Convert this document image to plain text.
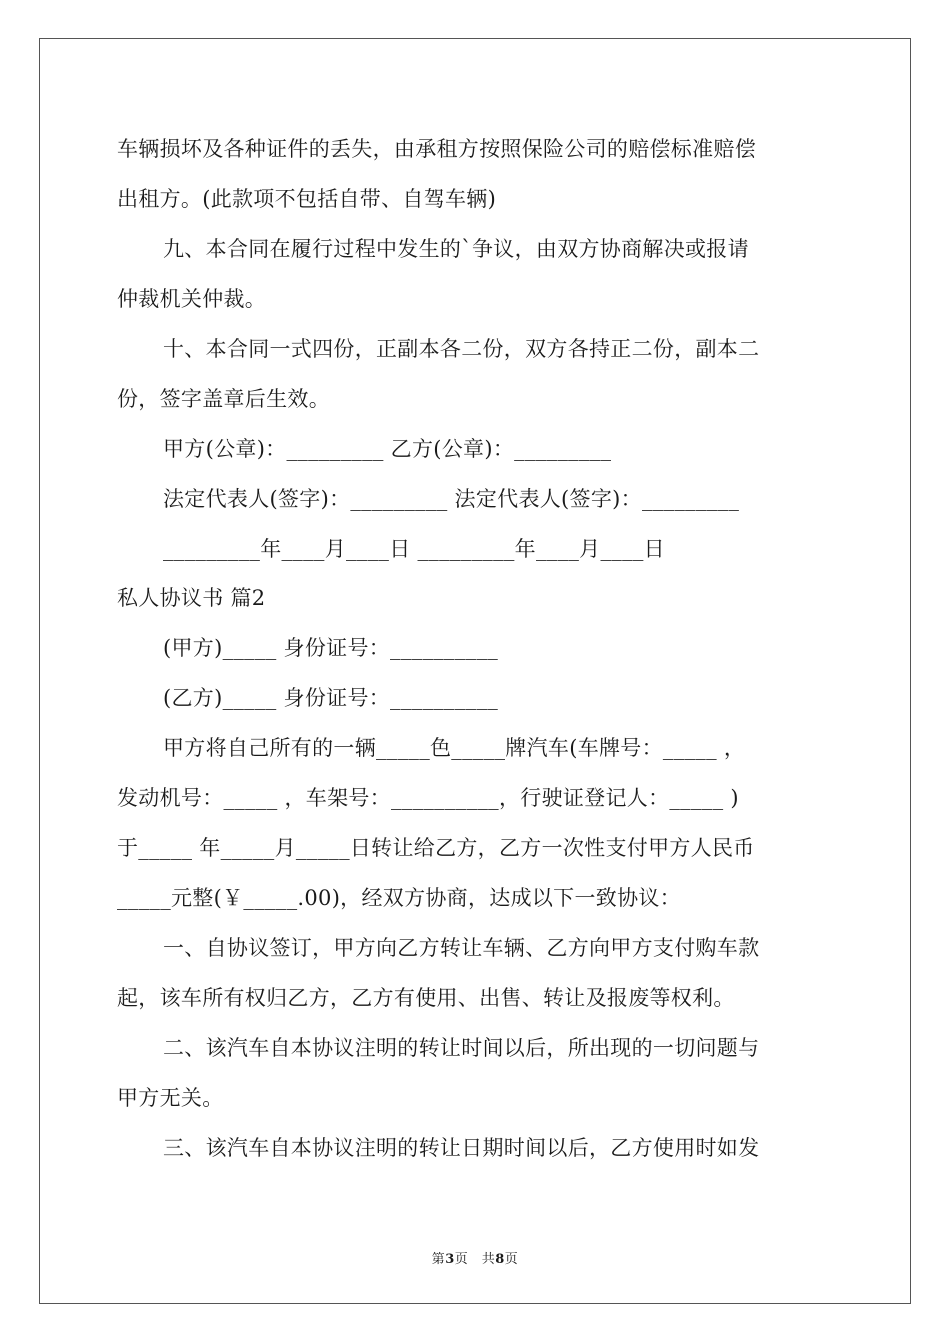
车辆损坏及各种证件的丢失，由承租方按照保险公司的赔偿标准赔偿
出租方。(此款项不包括自带、自驾车辆)
九、本合同在履行过程中发生的`争议，由双方协商解决或报请
仲裁机关仲裁。
十、本合同一式四份，正副本各二份，双方各持正二份，副本二
份，签字盖章后生效。
甲方(公章)：_________ 乙方(公章)：_________
法定代表人(签字)：_________ 法定代表人(签字)：_________
_________年____月____日 _________年____月____日
私人协议书 篇2
(甲方)_____ 身份证号：__________
(乙方)_____ 身份证号：__________
甲方将自己所有的一辆_____色_____牌汽车(车牌号：_____ ，
发动机号：_____ ，车架号：__________，行驶证登记人：_____ )
于_____ 年_____月_____日转让给乙方，乙方一次性支付甲方人民币
_____元整(￥_____.00)，经双方协商，达成以下一致协议：
一、自协议签订，甲方向乙方转让车辆、乙方向甲方支付购车款
起，该车所有权归乙方，乙方有使用、出售、转让及报废等权利。
二、该汽车自本协议注明的转让时间以后，所出现的一切问题与
甲方无关。
三、该汽车自本协议注明的转让日期时间以后，乙方使用时如发
第3页　共8页
